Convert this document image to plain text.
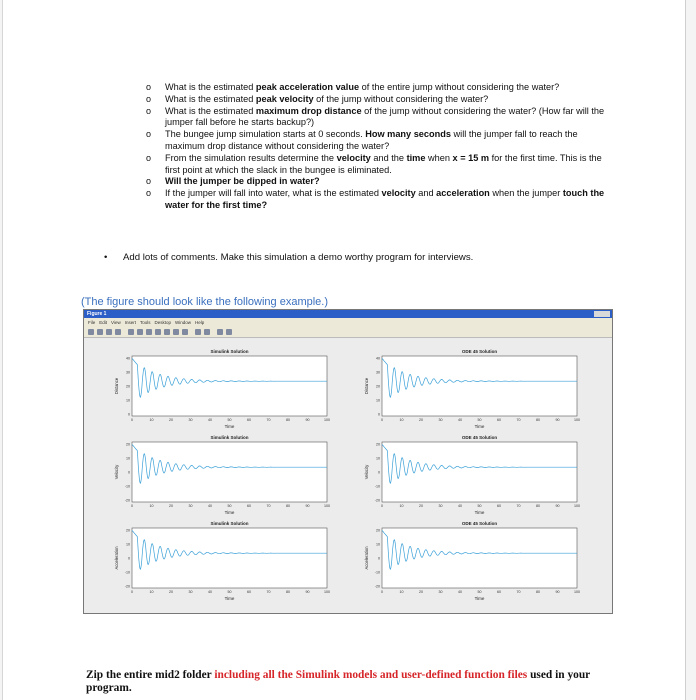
o What is the estimated peak acceleration value of the entire jump without considering the water?
o What is the estimated peak velocity of the jump without considering the water?
o What is the estimated maximum drop distance of the jump without considering the water? (How far will the jumper fall before he starts backup?)
o The bungee jump simulation starts at 0 seconds. How many seconds will the jumper fall to reach the maximum drop distance without considering the water?
o From the simulation results determine the velocity and the time when x = 15 m for the first time. This is the first point at which the slack in the bungee is eliminated.
o Will the jumper be dipped in water?
o If the jumper will fall into water, what is the estimated velocity and acceleration when the jumper touch the water for the first time?
• Add lots of comments. Make this simulation a demo worthy program for interviews.
(The figure should look like the following example.)
Figure 1
File Edit View Insert Tools Desktop Window Help
Simulink Solution
40
30
20
10
0
0	10	20	30	40	50	60	70	80	90	100
Time
Distance
ODE 45 Solution
40
30
20
10
0
0	10	20	30	40	50	60	70	80	90	100
Time
Distance
Simulink Solution
20
10
0
-10
-20
0	10	20	30	40	50	60	70	80	90	100
Time
Velocity
ODE 45 Solution
20
10
0
-10
-20
0	10	20	30	40	50	60	70	80	90	100
Time
Velocity
Simulink Solution
20
10
0
-10
-20
0	10	20	30	40	50	60	70	80	90	100
Time
Acceleration
ODE 45 Solution
20
10
0
-10
-20
0	10	20	30	40	50	60	70	80	90	100
Time
Acceleration
Zip the entire mid2 folder including all the Simulink models and user-defined function files used in your program.
